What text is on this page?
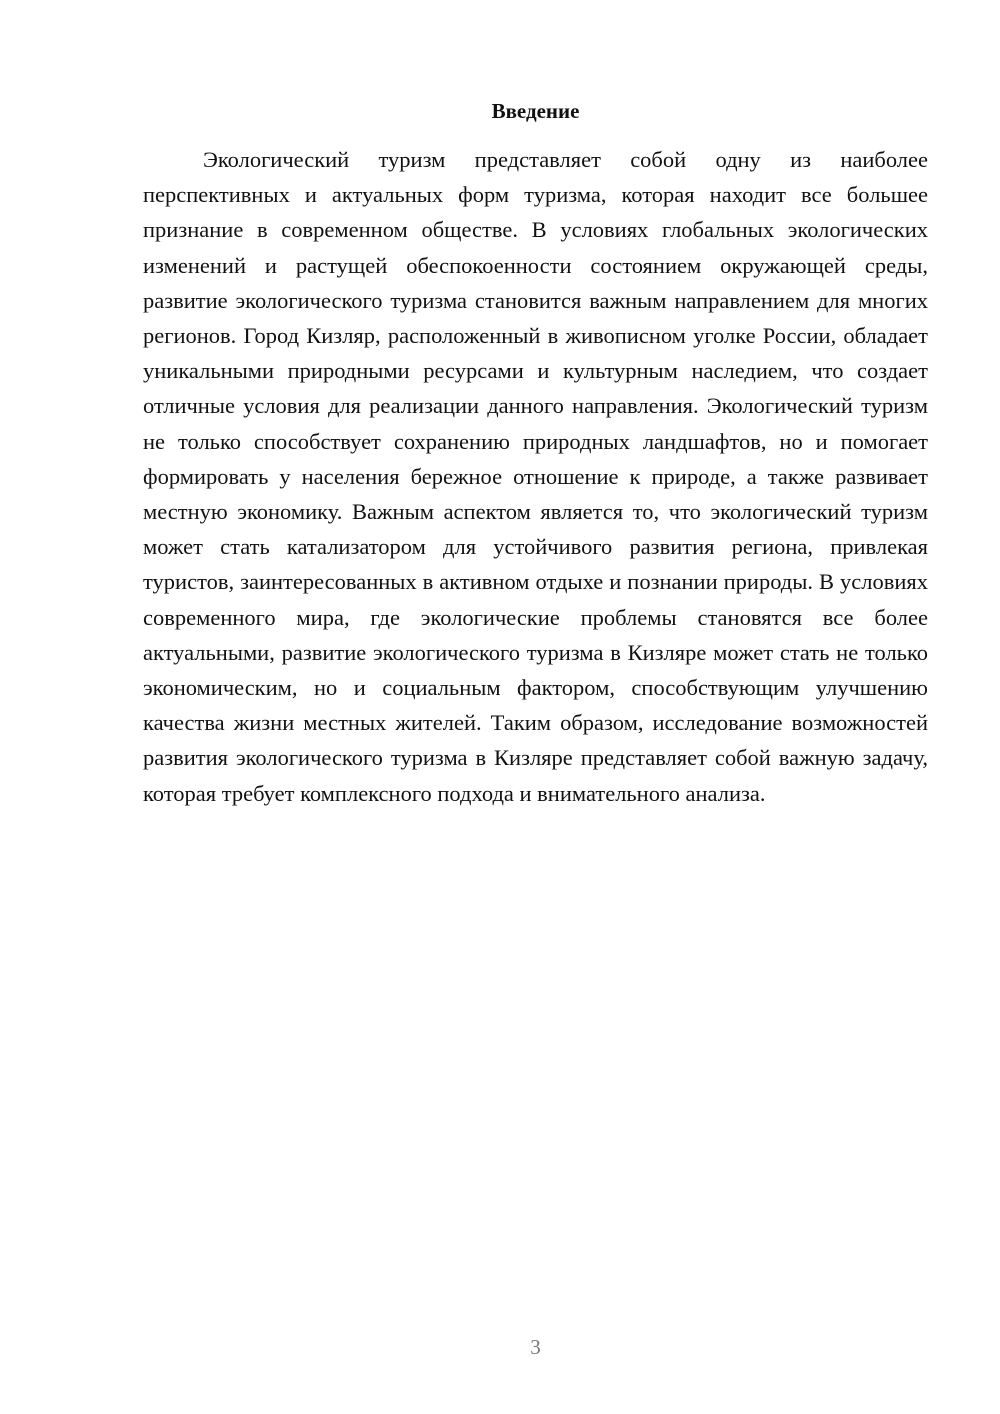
Введение

Экологический туризм представляет собой одну из наиболее перспективных и актуальных форм туризма, которая находит все большее признание в современном обществе. В условиях глобальных экологических изменений и растущей обеспокоенности состоянием окружающей среды, развитие экологического туризма становится важным направлением для многих регионов. Город Кизляр, расположенный в живописном уголке России, обладает уникальными природными ресурсами и культурным наследием, что создает отличные условия для реализации данного направления. Экологический туризм не только способствует сохранению природных ландшафтов, но и помогает формировать у населения бережное отношение к природе, а также развивает местную экономику. Важным аспектом является то, что экологический туризм может стать катализатором для устойчивого развития региона, привлекая туристов, заинтересованных в активном отдыхе и познании природы. В условиях современного мира, где экологические проблемы становятся все более актуальными, развитие экологического туризма в Кизляре может стать не только экономическим, но и социальным фактором, способствующим улучшению качества жизни местных жителей. Таким образом, исследование возможностей развития экологического туризма в Кизляре представляет собой важную задачу, которая требует комплексного подхода и внимательного анализа.

3
